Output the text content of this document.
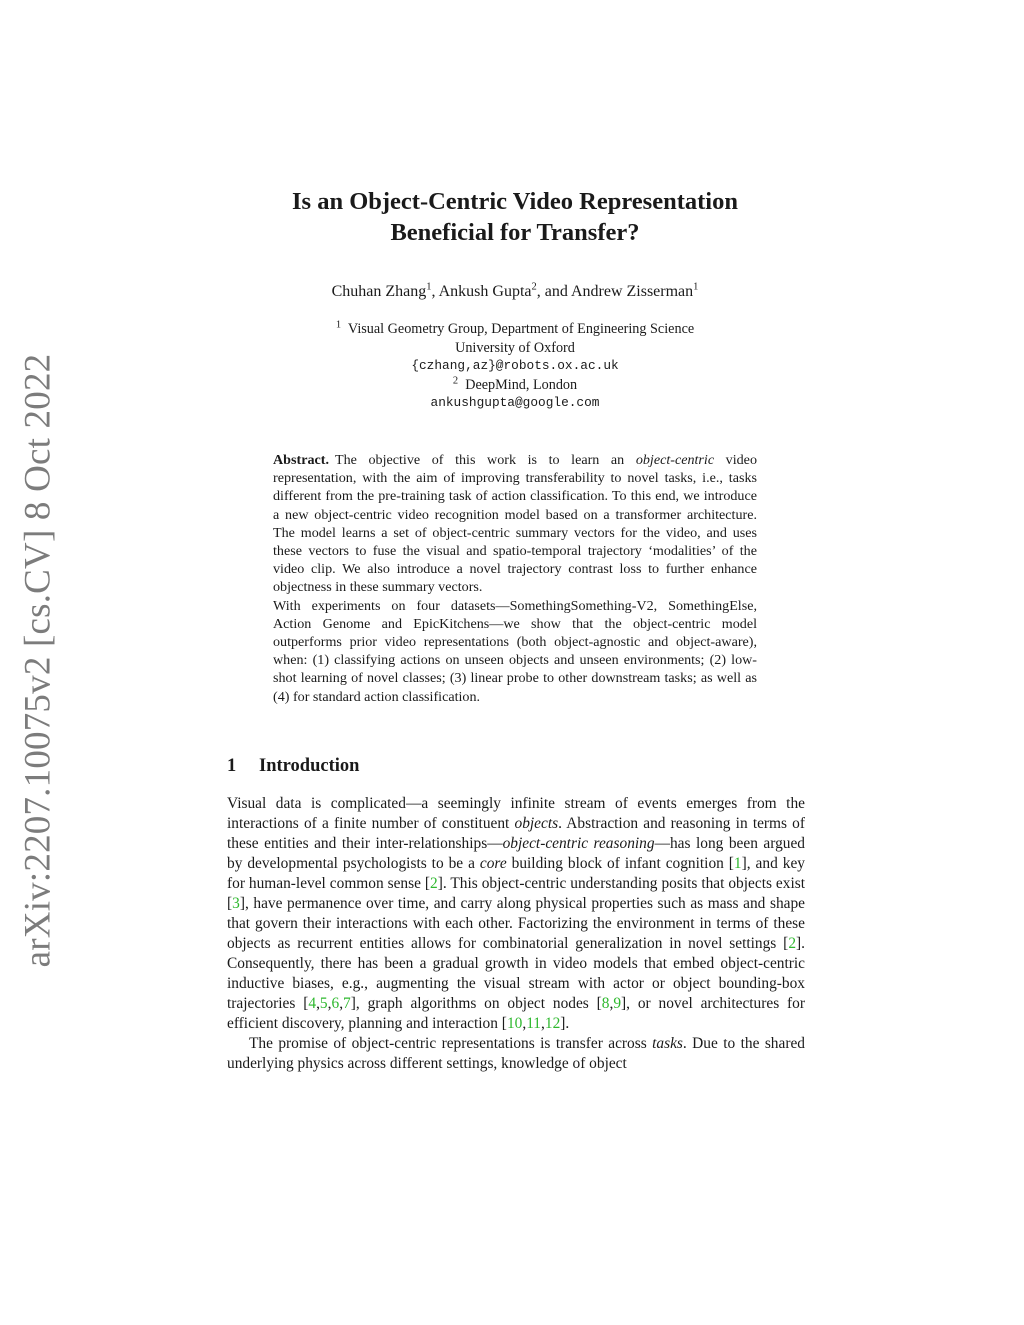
arXiv:2207.10075v2 [cs.CV] 8 Oct 2022
Is an Object-Centric Video Representation
Beneficial for Transfer?
Chuhan Zhang$^1$, Ankush Gupta$^2$, and Andrew Zisserman$^1$
$^1$ Visual Geometry Group, Department of Engineering Science
University of Oxford
{czhang,az}@robots.ox.ac.uk
$^2$ DeepMind, London
ankushgupta@google.com

Abstract. The objective of this work is to learn an object-centric video representation, with the aim of improving transferability to novel tasks, i.e., tasks different from the pre-training task of action classification. To this end, we introduce a new object-centric video recognition model based on a transformer architecture. The model learns a set of object-centric summary vectors for the video, and uses these vectors to fuse the visual and spatio-temporal trajectory ‘modalities’ of the video clip. We also introduce a novel trajectory contrast loss to further enhance objectness in these summary vectors.

With experiments on four datasets—SomethingSomething-V2, SomethingElse, Action Genome and EpicKitchens—we show that the object-centric model outperforms prior video representations (both object-agnostic and object-aware), when: (1) classifying actions on unseen objects and unseen environments; (2) low-shot learning of novel classes; (3) linear probe to other downstream tasks; as well as (4) for standard action classification.

1 Introduction

Visual data is complicated—a seemingly infinite stream of events emerges from the interactions of a finite number of constituent objects. Abstraction and reasoning in terms of these entities and their inter-relationships—object-centric reasoning—has long been argued by developmental psychologists to be a core building block of infant cognition [1], and key for human-level common sense [2]. This object-centric understanding posits that objects exist [3], have permanence over time, and carry along physical properties such as mass and shape that govern their interactions with each other. Factorizing the environment in terms of these objects as recurrent entities allows for combinatorial generalization in novel settings [2]. Consequently, there has been a gradual growth in video models that embed object-centric inductive biases, e.g., augmenting the visual stream with actor or object bounding-box trajectories [4,5,6,7], graph algorithms on object nodes [8,9], or novel architectures for efficient discovery, planning and interaction [10,11,12].

The promise of object-centric representations is transfer across tasks. Due to the shared underlying physics across different settings, knowledge of object
